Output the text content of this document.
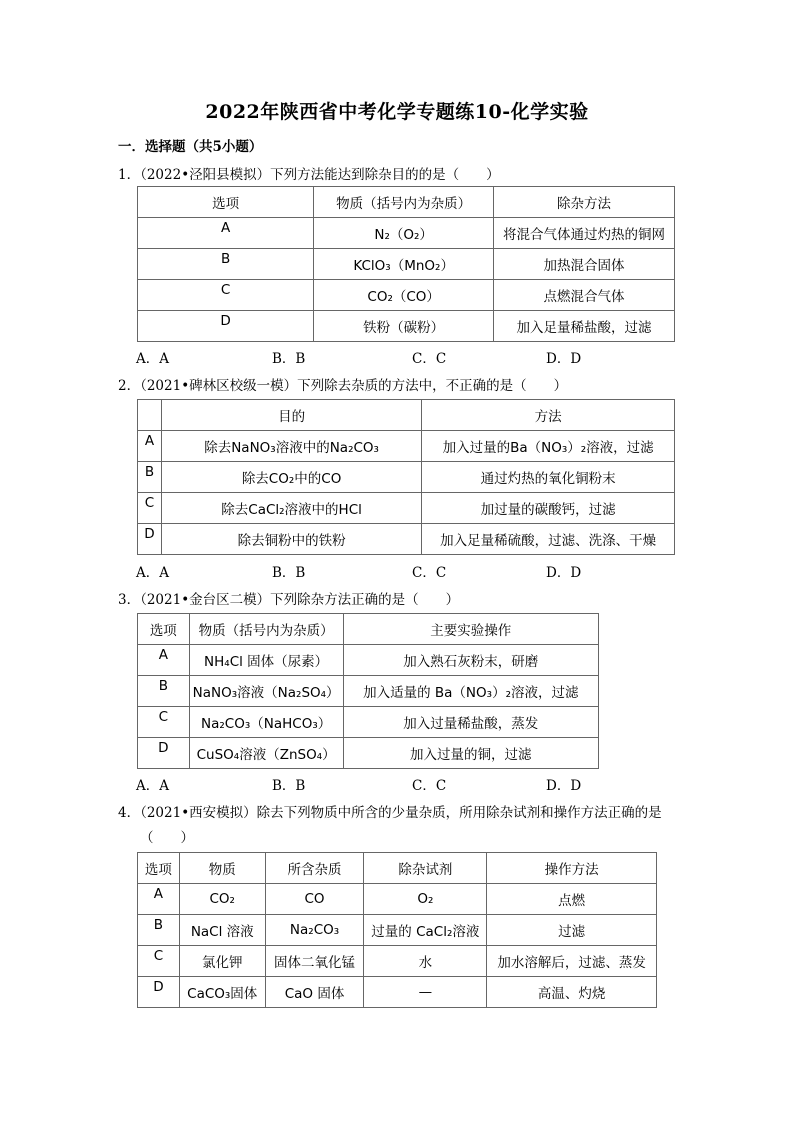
2022年陕西省中考化学专题练10-化学实验
一．选择题（共5小题）
1．（2022•泾阳县模拟）下列方法能达到除杂目的的是（　　）
选项	物质（括号内为杂质）	除杂方法
A	N₂（O₂）	将混合气体通过灼热的铜网
B	KClO₃（MnO₂）	加热混合固体
C	CO₂（CO）	点燃混合气体
D	铁粉（碳粉）	加入足量稀盐酸，过滤
A．A	B．B	C．C	D．D
2．（2021•碑林区校级一模）下列除去杂质的方法中，不正确的是（　　）
	目的	方法
A	除去NaNO₃溶液中的Na₂CO₃	加入过量的Ba（NO₃）₂溶液，过滤
B	除去CO₂中的CO	通过灼热的氧化铜粉末
C	除去CaCl₂溶液中的HCl	加过量的碳酸钙，过滤
D	除去铜粉中的铁粉	加入足量稀硫酸，过滤、洗涤、干燥
A．A	B．B	C．C	D．D
3．（2021•金台区二模）下列除杂方法正确的是（　　）
选项	物质（括号内为杂质）	主要实验操作
A	NH₄Cl 固体（尿素）	加入熟石灰粉末，研磨
B	NaNO₃溶液（Na₂SO₄）	加入适量的 Ba（NO₃）₂溶液，过滤
C	Na₂CO₃（NaHCO₃）	加入过量稀盐酸，蒸发
D	CuSO₄溶液（ZnSO₄）	加入过量的铜，过滤
A．A	B．B	C．C	D．D
4．（2021•西安模拟）除去下列物质中所含的少量杂质，所用除杂试剂和操作方法正确的是
（　　）
选项	物质	所含杂质	除杂试剂	操作方法
A	CO₂	CO	O₂	点燃
B	NaCl 溶液	Na₂CO₃	过量的 CaCl₂溶液	过滤
C	氯化钾	固体二氧化锰	水	加水溶解后，过滤、蒸发
D	CaCO₃固体	CaO 固体	—	高温、灼烧
